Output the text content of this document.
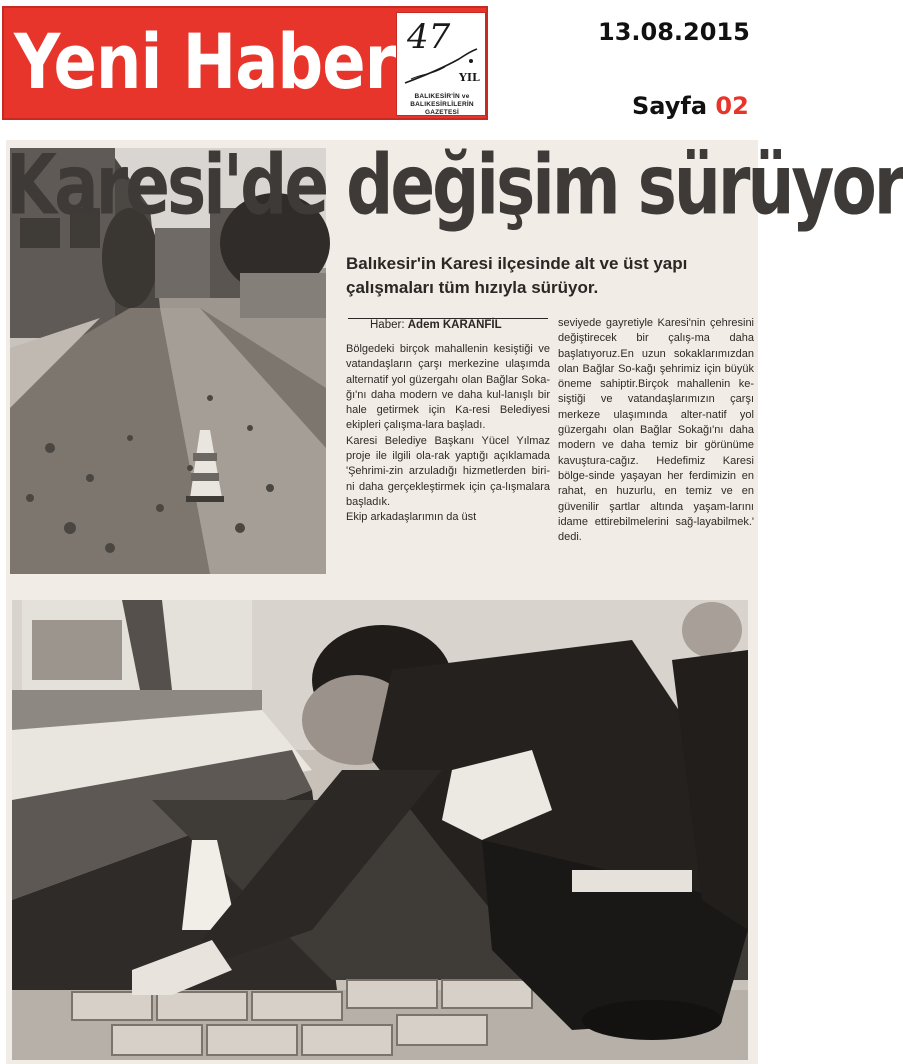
Yeni Haber 47
YIL
BALIKESİR'İN ve BALIKESİRLİLERİN GAZETESİ
13.08.2015
Sayfa 02
Karesi'de değişim sürüyor
Balıkesir'in Karesi ilçesinde alt ve üst yapı çalışmaları tüm hızıyla sürüyor.
Haber: Adem KARANFİL
Bölgedeki birçok mahallenin kesiştiği ve vatandaşların çarşı merkezine ulaşımda alternatif yol güzergahı olan Bağlar Soka-ğı'nı daha modern ve daha kul-lanışlı bir hale getirmek için Ka-resi Belediyesi ekipleri çalışma-lara başladı.
Karesi Belediye Başkanı Yücel Yılmaz proje ile ilgili ola-rak yaptığı açıklamada 'Şehrimi-zin arzuladığı hizmetlerden biri-ni daha gerçekleştirmek için ça-lışmalara başladık.
Ekip arkadaşlarımın da üst
seviyede gayretiyle Karesi'nin çehresini değiştirecek bir çalış-ma daha başlatıyoruz.En uzun sokaklarımızdan olan Bağlar So-kağı şehrimiz için büyük öneme sahiptir.Birçok mahallenin ke-siştiği ve vatandaşlarımızın çarşı merkeze ulaşımında alter-natif yol güzergahı olan Bağlar Sokağı'nı daha modern ve daha temiz bir görünüme kavuştura-cağız. Hedefimiz Karesi bölge-sinde yaşayan her ferdimizin en rahat, en huzurlu, en temiz ve en güvenilir şartlar altında yaşam-larını idame ettirebilmelerini sağ-layabilmek.' dedi.
